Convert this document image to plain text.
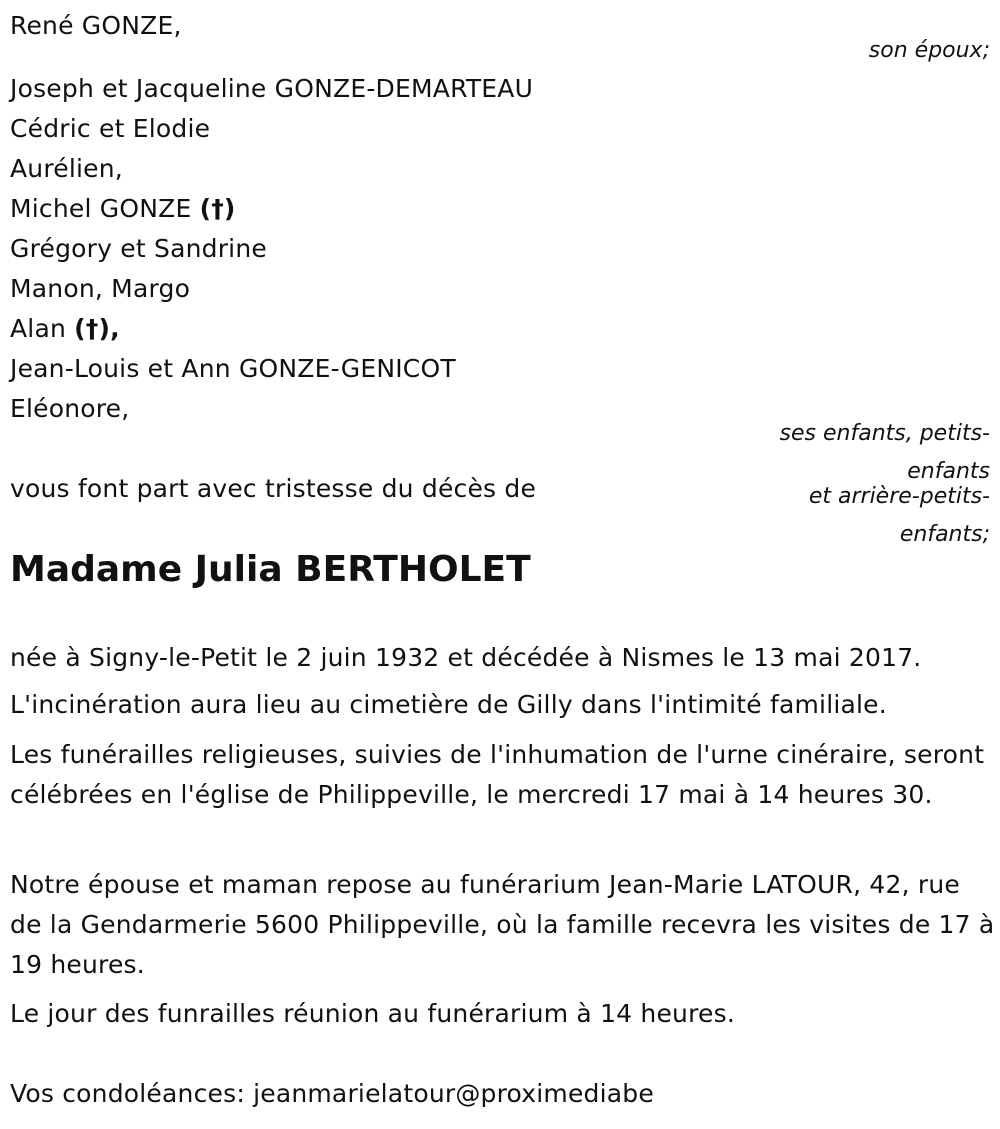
René GONZE,
son époux;
Joseph et Jacqueline GONZE-DEMARTEAU
Cédric et Elodie
Aurélien,
Michel GONZE (†)
Grégory et Sandrine
Manon, Margo
Alan (†),
Jean-Louis et Ann GONZE-GENICOT
Eléonore,
ses enfants, petits-
enfants
et arrière-petits-
enfants;
vous font part avec tristesse du décès de
Madame Julia BERTHOLET
née à Signy-le-Petit le 2 juin 1932 et décédée à Nismes le 13 mai 2017.
L'incinération aura lieu au cimetière de Gilly dans l'intimité familiale.
Les funérailles religieuses, suivies de l'inhumation de l'urne cinéraire, seront célébrées en l'église de Philippeville, le mercredi 17 mai à 14 heures 30.
Notre épouse et maman repose au funérarium Jean-Marie LATOUR, 42, rue de la Gendarmerie 5600 Philippeville, où la famille recevra les visites de 17 à 19 heures.
Le jour des funrailles réunion au funérarium à 14 heures.
Vos condoléances: jeanmarielatour@proximediabe
